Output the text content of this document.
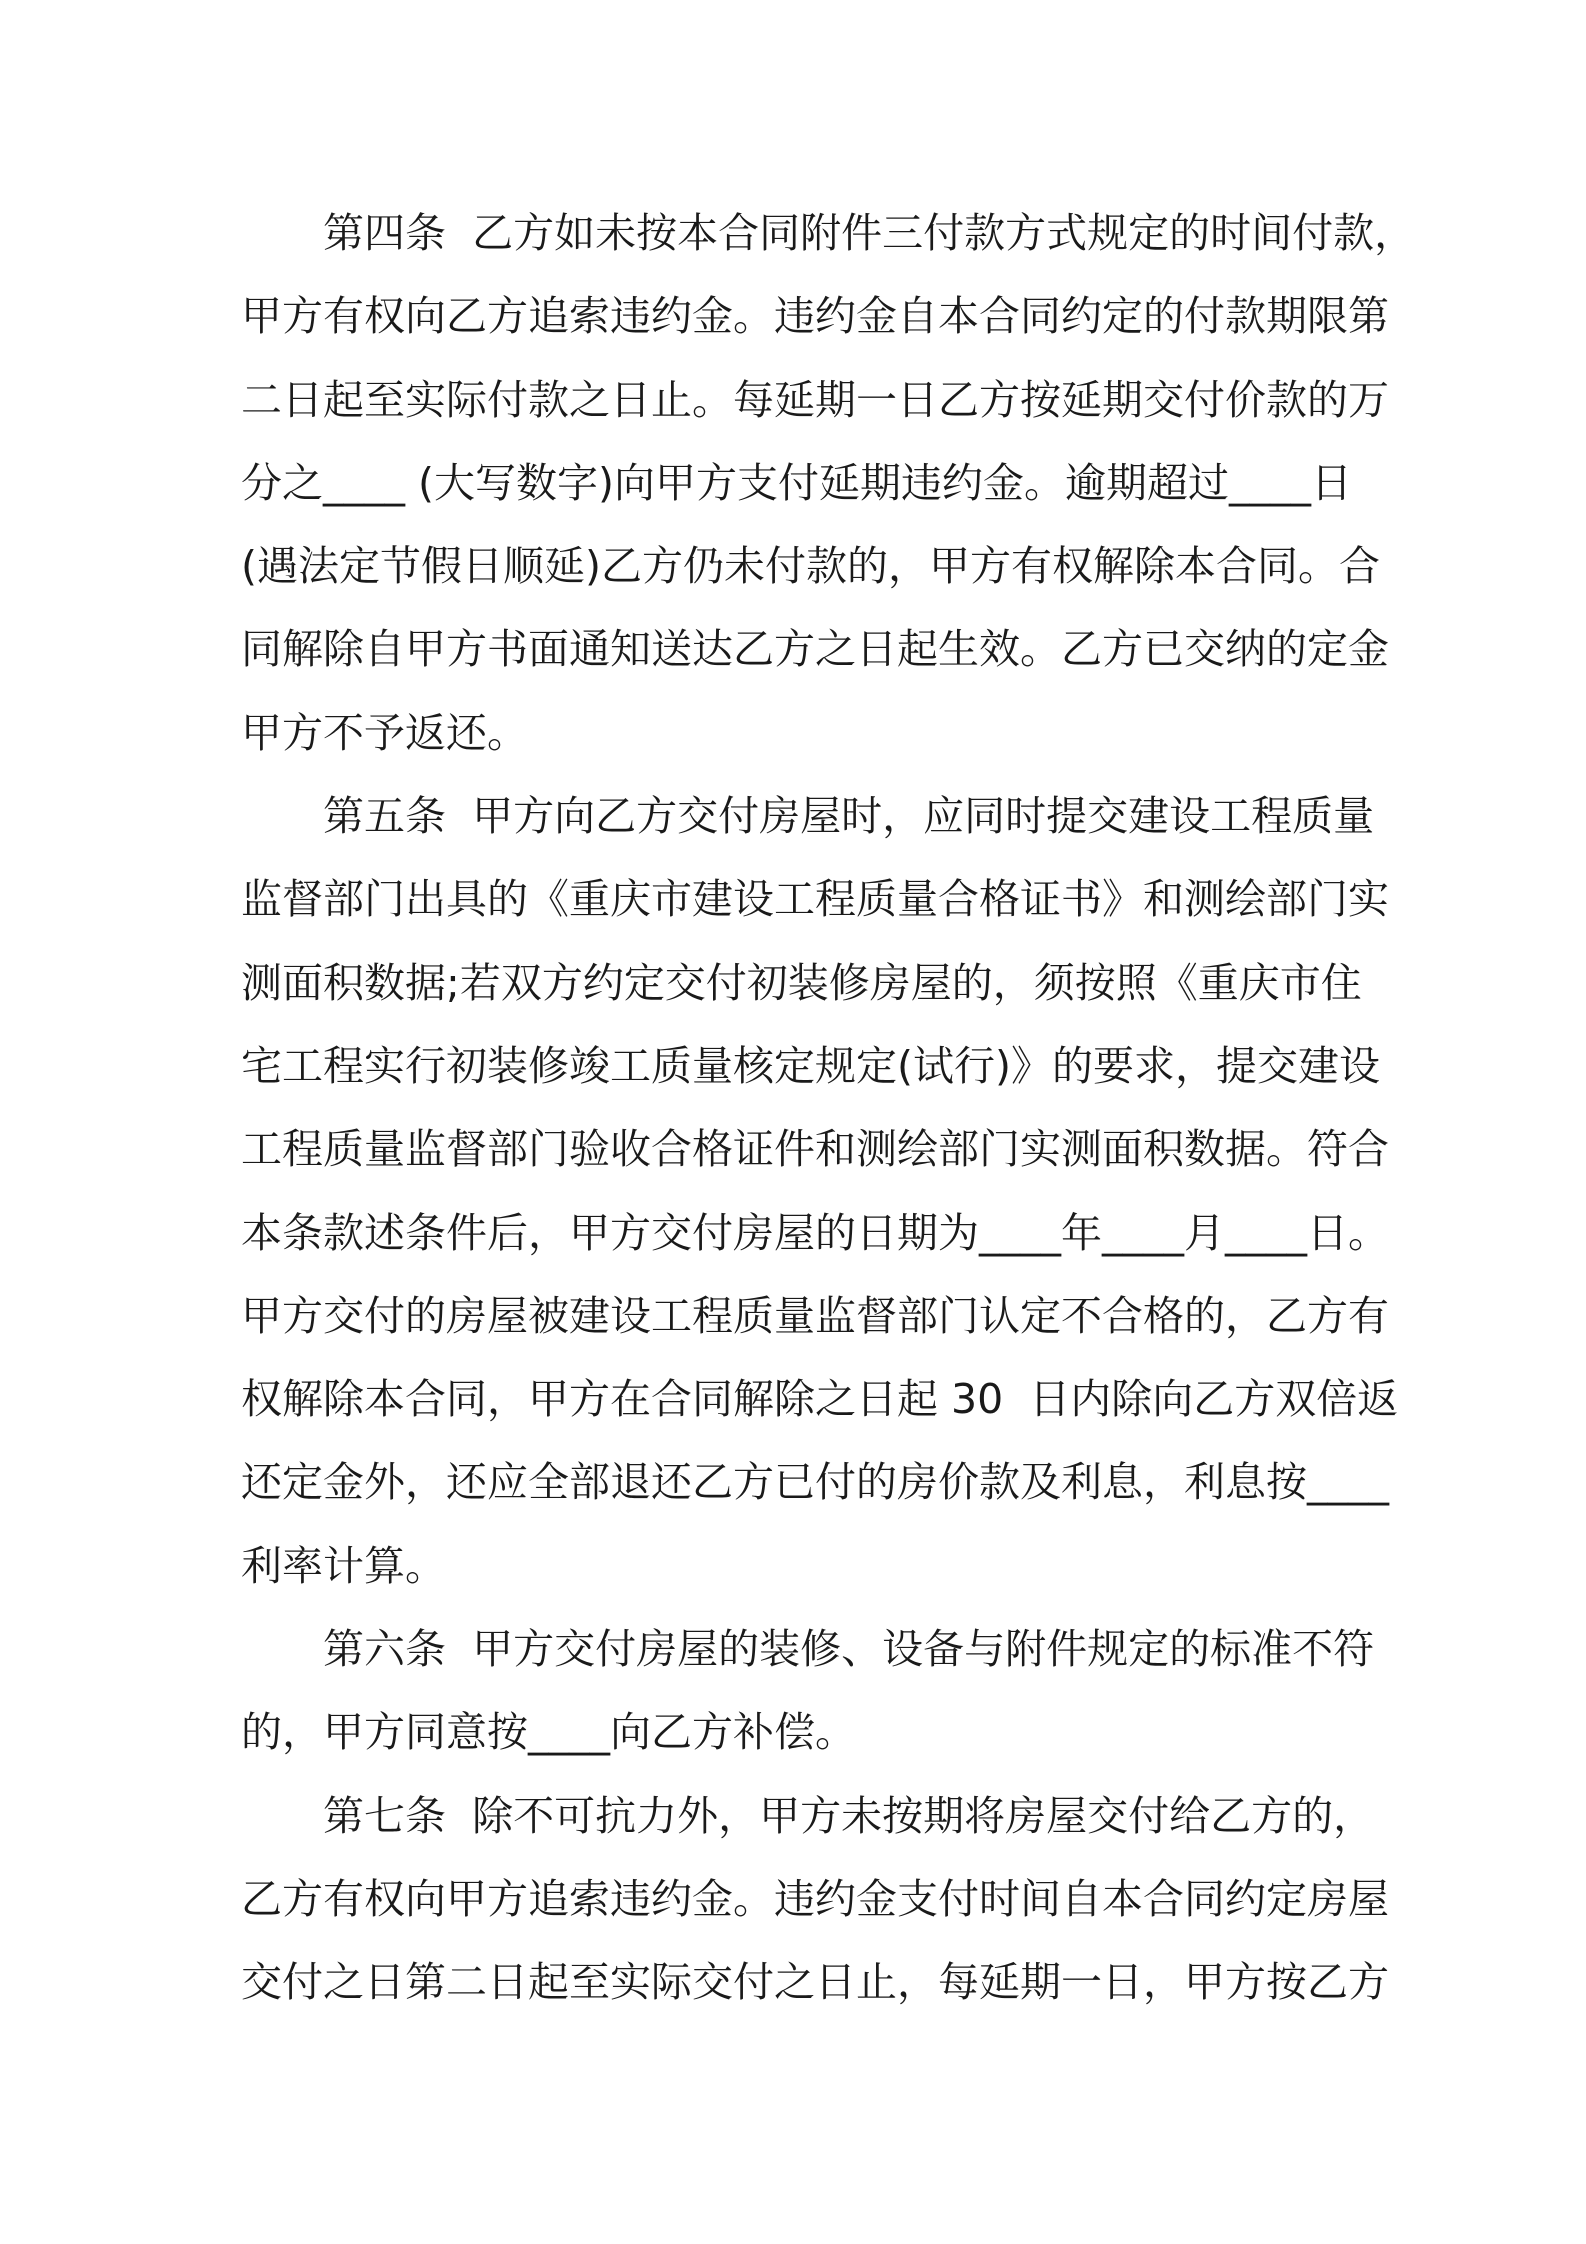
第四条  乙方如未按本合同附件三付款方式规定的时间付款，
甲方有权向乙方追索违约金。违约金自本合同约定的付款期限第
二日起至实际付款之日止。每延期一日乙方按延期交付价款的万
分之____ (大写数字)向甲方支付延期违约金。逾期超过____日
(遇法定节假日顺延)乙方仍未付款的，甲方有权解除本合同。合
同解除自甲方书面通知送达乙方之日起生效。乙方已交纳的定金
甲方不予返还。
第五条  甲方向乙方交付房屋时，应同时提交建设工程质量
监督部门出具的《重庆市建设工程质量合格证书》和测绘部门实
测面积数据;若双方约定交付初装修房屋的，须按照《重庆市住
宅工程实行初装修竣工质量核定规定(试行)》的要求，提交建设
工程质量监督部门验收合格证件和测绘部门实测面积数据。符合
本条款述条件后，甲方交付房屋的日期为____年____月____日。
甲方交付的房屋被建设工程质量监督部门认定不合格的，乙方有
权解除本合同，甲方在合同解除之日起 30  日内除向乙方双倍返
还定金外，还应全部退还乙方已付的房价款及利息，利息按____
利率计算。
第六条  甲方交付房屋的装修、设备与附件规定的标准不符
的，甲方同意按____向乙方补偿。
第七条  除不可抗力外，甲方未按期将房屋交付给乙方的，
乙方有权向甲方追索违约金。违约金支付时间自本合同约定房屋
交付之日第二日起至实际交付之日止，每延期一日，甲方按乙方
